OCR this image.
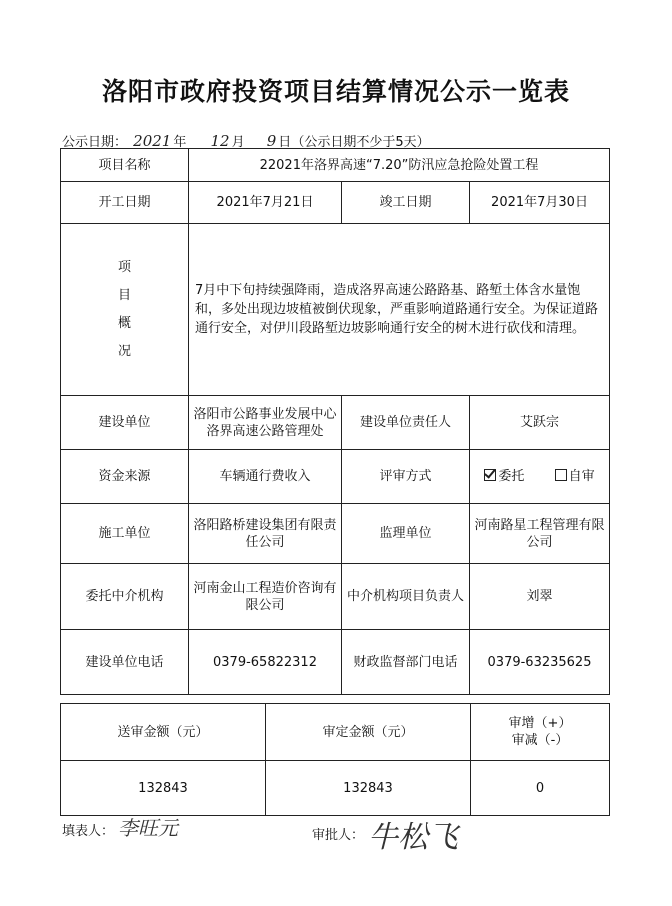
洛阳市政府投资项目结算情况公示一览表
公示日期： 2021 年 12 月 9 日（公示日期不少于5天）
项目名称	22021年洛界高速“7.20”防汛应急抢险处置工程		
开工日期	2021年7月21日	竣工日期	2021年7月30日

项
目
概
况	7月中下旬持续强降雨，造成洛界高速公路路基、路堑土体含水量饱和，多处出现边坡植被倒伏现象，严重影响道路通行安全。为保证道路通行安全，对伊川段路堑边坡影响通行安全的树木进行砍伐和清理。		
建设单位	洛阳市公路事业发展中心洛界高速公路管理处	建设单位责任人	艾跃宗
资金来源	车辆通行费收入	评审方式	委托 自审
施工单位	洛阳路桥建设集团有限责任公司	监理单位	河南路星工程管理有限公司
委托中介机构	河南金山工程造价咨询有限公司	中介机构项目负责人	刘翠
建设单位电话	0379-65822312	财政监督部门电话	0379-63235625
送审金额（元）	审定金额（元）	审增（+）
审减（-）

132843	132843	0
填表人： 李旺元	审批人： 牛松飞
